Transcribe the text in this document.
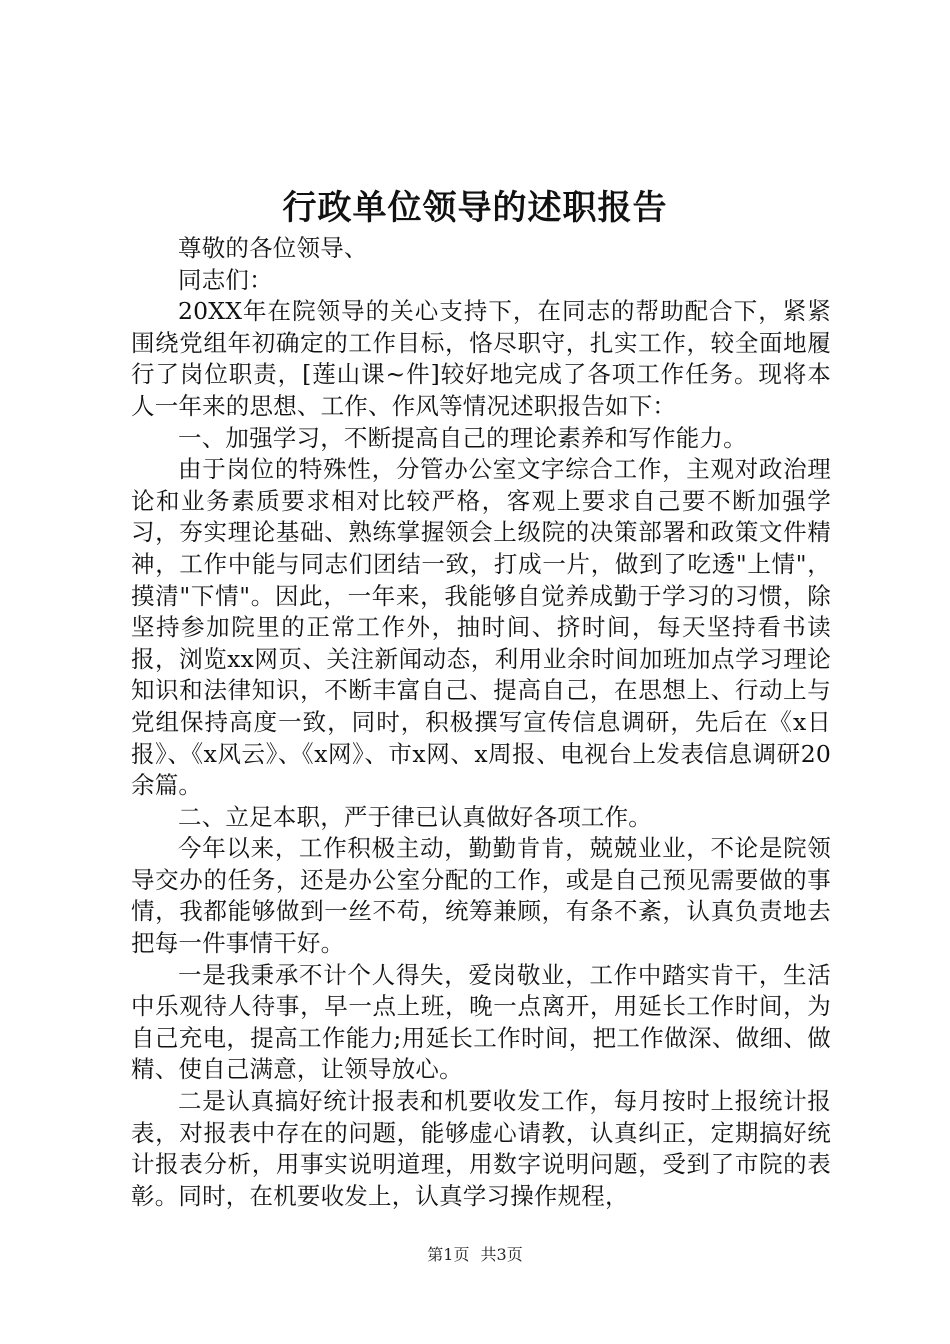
行政单位领导的述职报告

尊敬的各位领导、

同志们：

20XX年在院领导的关心支持下，在同志的帮助配合下，紧紧围绕党组年初确定的工作目标，恪尽职守，扎实工作，较全面地履行了岗位职责，[莲山课~件]较好地完成了各项工作任务。现将本人一年来的思想、工作、作风等情况述职报告如下：

一、加强学习，不断提高自己的理论素养和写作能力。

由于岗位的特殊性，分管办公室文字综合工作，主观对政治理论和业务素质要求相对比较严格，客观上要求自己要不断加强学习，夯实理论基础、熟练掌握领会上级院的决策部署和政策文件精神，工作中能与同志们团结一致，打成一片，做到了吃透"上情"，摸清"下情"。因此，一年来，我能够自觉养成勤于学习的习惯，除坚持参加院里的正常工作外，抽时间、挤时间，每天坚持看书读报，浏览xx网页、关注新闻动态，利用业余时间加班加点学习理论知识和法律知识，不断丰富自己、提高自己，在思想上、行动上与党组保持高度一致，同时，积极撰写宣传信息调研，先后在《x日报》、《x风云》、《x网》、市x网、x周报、电视台上发表信息调研20余篇。

二、立足本职，严于律已认真做好各项工作。

今年以来，工作积极主动，勤勤肯肯，兢兢业业，不论是院领导交办的任务，还是办公室分配的工作，或是自己预见需要做的事情，我都能够做到一丝不苟，统筹兼顾，有条不紊，认真负责地去把每一件事情干好。

一是我秉承不计个人得失，爱岗敬业，工作中踏实肯干，生活中乐观待人待事，早一点上班，晚一点离开，用延长工作时间，为自己充电，提高工作能力;用延长工作时间，把工作做深、做细、做精、使自己满意，让领导放心。

二是认真搞好统计报表和机要收发工作，每月按时上报统计报表，对报表中存在的问题，能够虚心请教，认真纠正，定期搞好统计报表分析，用事实说明道理，用数字说明问题，受到了市院的表彰。同时，在机要收发上，认真学习操作规程，

第1页 共3页
